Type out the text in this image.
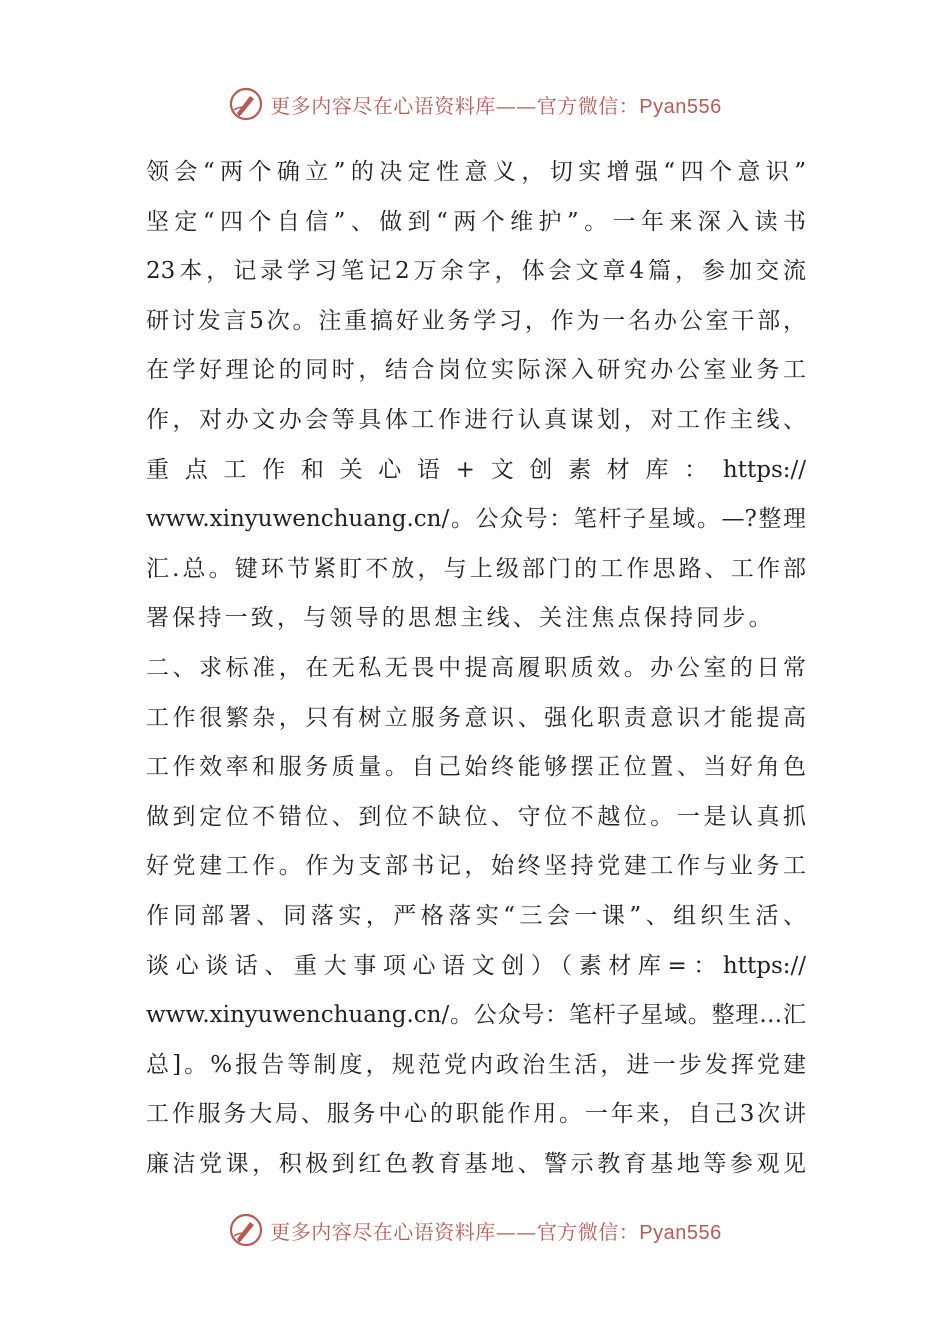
更多内容尽在心语资料库——官方微信：Pyan556
领会“两个确立”的决定性意义，切实增强“四个意识”
坚定“四个自信”、做到“两个维护”。一年来深入读书
23本，记录学习笔记2万余字，体会文章4篇，参加交流
研讨发言5次。注重搞好业务学习，作为一名办公室干部，
在学好理论的同时，结合岗位实际深入研究办公室业务工
作，对办文办会等具体工作进行认真谋划，对工作主线、
重点工作和关心语+文创素材库：https://
www.xinyuwenchuang.cn/。公众号：笔杆子星域。—?整理
汇.总。键环节紧盯不放，与上级部门的工作思路、工作部
署保持一致，与领导的思想主线、关注焦点保持同步。
二、求标准，在无私无畏中提高履职质效。办公室的日常
工作很繁杂，只有树立服务意识、强化职责意识才能提高
工作效率和服务质量。自己始终能够摆正位置、当好角色
做到定位不错位、到位不缺位、守位不越位。一是认真抓
好党建工作。作为支部书记，始终坚持党建工作与业务工
作同部署、同落实，严格落实“三会一课”、组织生活、
谈心谈话、重大事项心语文创）（素材库=：https://
www.xinyuwenchuang.cn/。公众号：笔杆子星域。整理…汇
总]。%报告等制度，规范党内政治生活，进一步发挥党建
工作服务大局、服务中心的职能作用。一年来，自己3次讲
廉洁党课，积极到红色教育基地、警示教育基地等参观见
更多内容尽在心语资料库——官方微信：Pyan556
